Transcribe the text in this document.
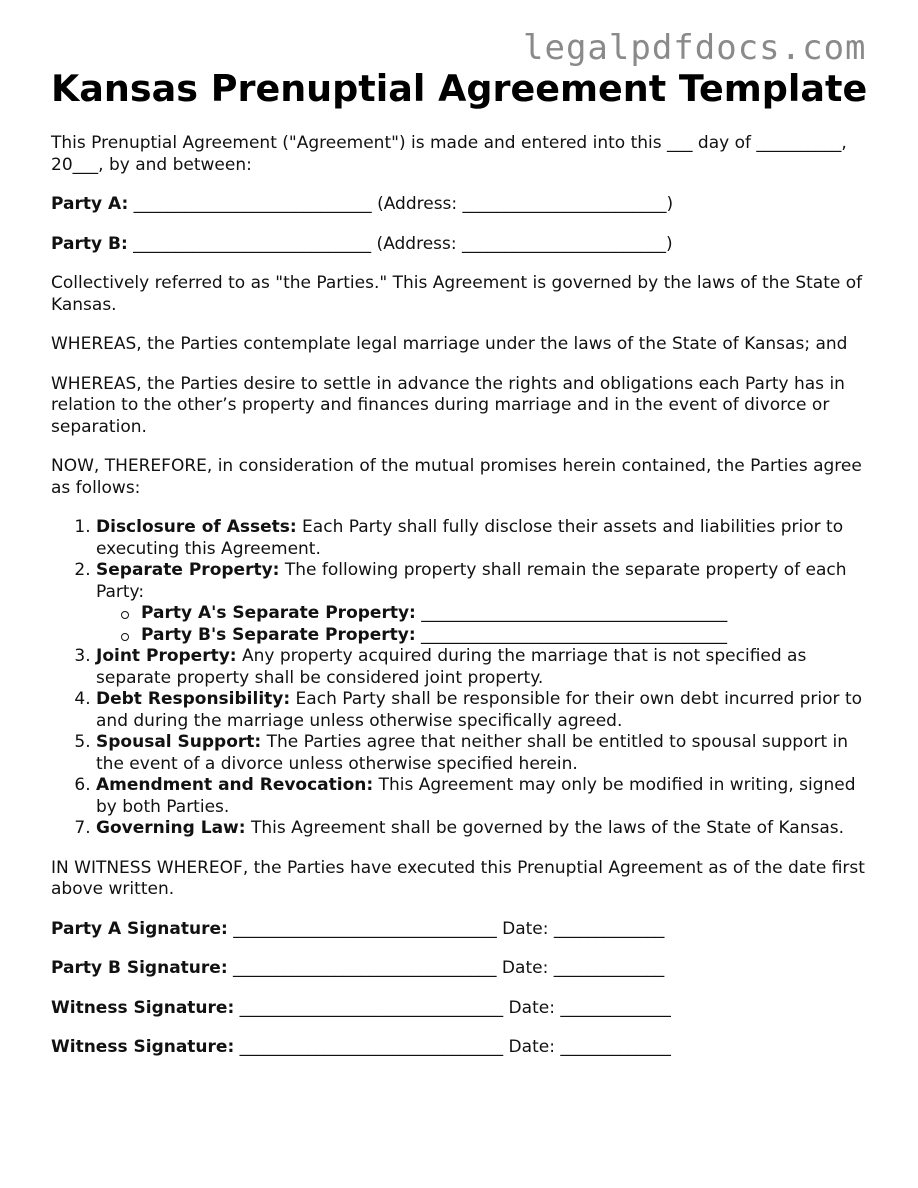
legalpdfdocs.com
Kansas Prenuptial Agreement Template

This Prenuptial Agreement ("Agreement") is made and entered into this ___ day of __________, 20___, by and between:

Party A: ____________________________ (Address: ________________________)

Party B: ____________________________ (Address: ________________________)

Collectively referred to as "the Parties." This Agreement is governed by the laws of the State of Kansas.

WHEREAS, the Parties contemplate legal marriage under the laws of the State of Kansas; and

WHEREAS, the Parties desire to settle in advance the rights and obligations each Party has in relation to the other’s property and finances during marriage and in the event of divorce or separation.

NOW, THEREFORE, in consideration of the mutual promises herein contained, the Parties agree as follows:

1. Disclosure of Assets: Each Party shall fully disclose their assets and liabilities prior to executing this Agreement.
2. Separate Property: The following property shall remain the separate property of each Party:
Party A's Separate Property: ____________________________________
Party B's Separate Property: ____________________________________
3. Joint Property: Any property acquired during the marriage that is not specified as separate property shall be considered joint property.
4. Debt Responsibility: Each Party shall be responsible for their own debt incurred prior to and during the marriage unless otherwise specifically agreed.
5. Spousal Support: The Parties agree that neither shall be entitled to spousal support in the event of a divorce unless otherwise specified herein.
6. Amendment and Revocation: This Agreement may only be modified in writing, signed by both Parties.
7. Governing Law: This Agreement shall be governed by the laws of the State of Kansas.

IN WITNESS WHEREOF, the Parties have executed this Prenuptial Agreement as of the date first above written.

Party A Signature: _______________________________ Date: _____________

Party B Signature: _______________________________ Date: _____________

Witness Signature: _______________________________ Date: _____________

Witness Signature: _______________________________ Date: _____________
